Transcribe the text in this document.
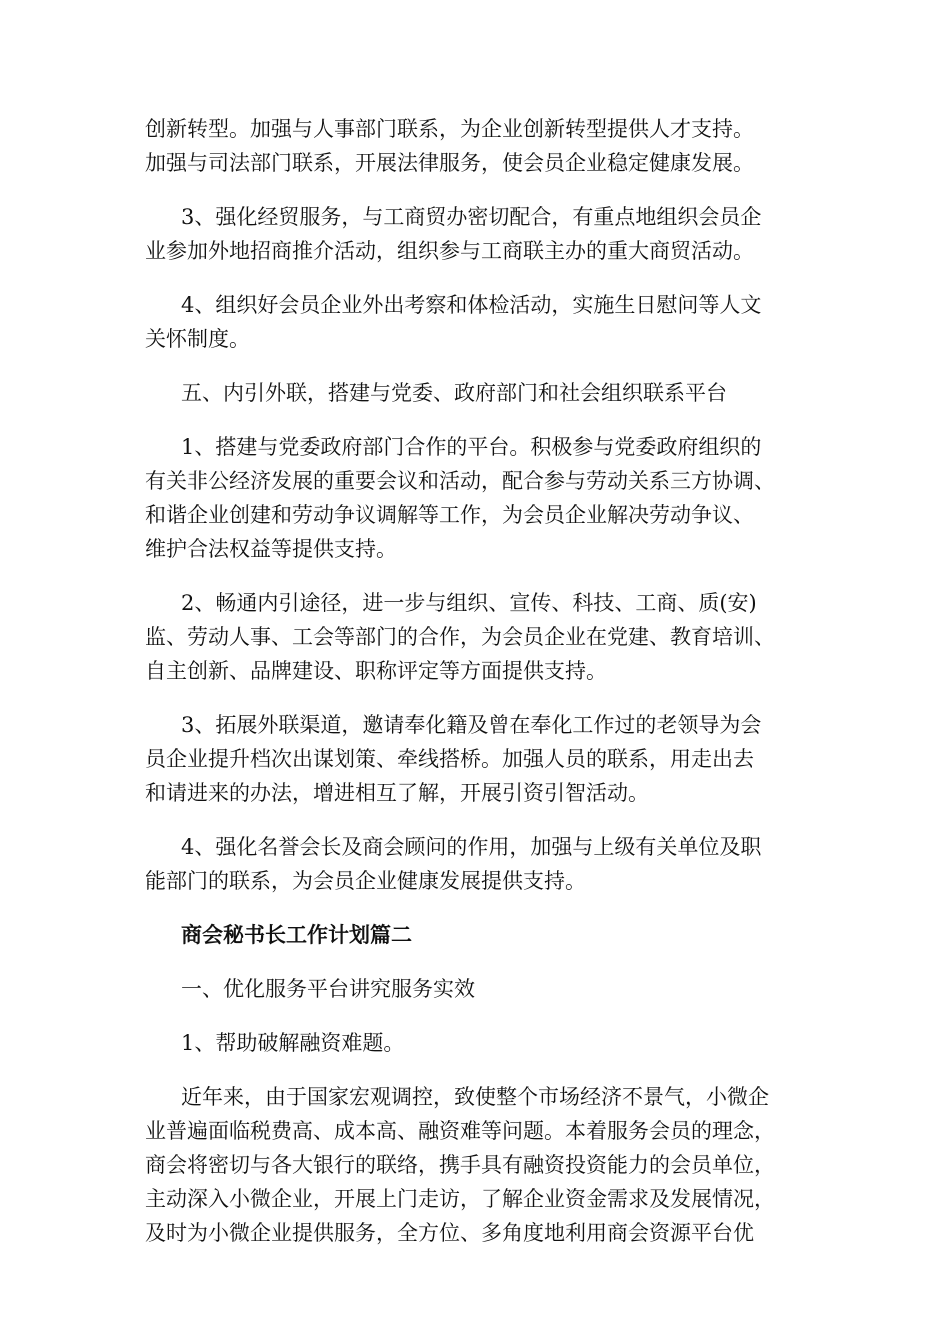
创新转型。加强与人事部门联系，为企业创新转型提供人才支持。
加强与司法部门联系，开展法律服务，使会员企业稳定健康发展。
3、强化经贸服务，与工商贸办密切配合，有重点地组织会员企
业参加外地招商推介活动，组织参与工商联主办的重大商贸活动。
4、组织好会员企业外出考察和体检活动，实施生日慰问等人文
关怀制度。
五、内引外联，搭建与党委、政府部门和社会组织联系平台
1、搭建与党委政府部门合作的平台。积极参与党委政府组织的
有关非公经济发展的重要会议和活动，配合参与劳动关系三方协调、
和谐企业创建和劳动争议调解等工作，为会员企业解决劳动争议、
维护合法权益等提供支持。
2、畅通内引途径，进一步与组织、宣传、科技、工商、质(安)
监、劳动人事、工会等部门的合作，为会员企业在党建、教育培训、
自主创新、品牌建设、职称评定等方面提供支持。
3、拓展外联渠道，邀请奉化籍及曾在奉化工作过的老领导为会
员企业提升档次出谋划策、牵线搭桥。加强人员的联系，用走出去
和请进来的办法，增进相互了解，开展引资引智活动。
4、强化名誉会长及商会顾问的作用，加强与上级有关单位及职
能部门的联系，为会员企业健康发展提供支持。
商会秘书长工作计划篇二
一、优化服务平台讲究服务实效
1、帮助破解融资难题。
近年来，由于国家宏观调控，致使整个市场经济不景气，小微企
业普遍面临税费高、成本高、融资难等问题。本着服务会员的理念，
商会将密切与各大银行的联络，携手具有融资投资能力的会员单位，
主动深入小微企业，开展上门走访，了解企业资金需求及发展情况，
及时为小微企业提供服务，全方位、多角度地利用商会资源平台优
